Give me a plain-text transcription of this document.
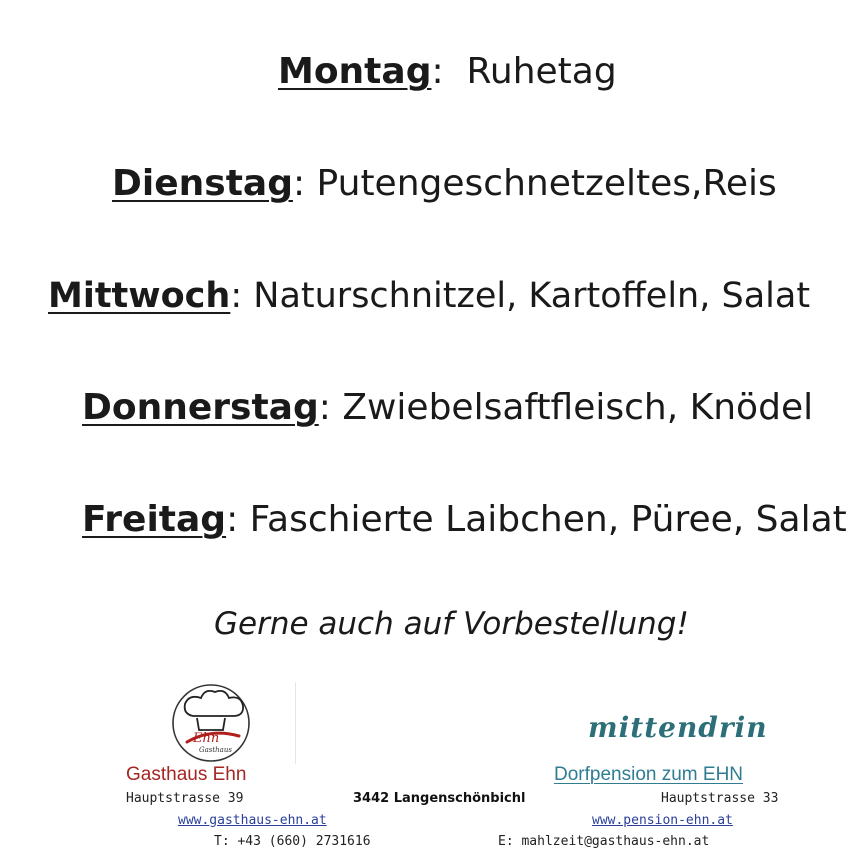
Montag:  Ruhetag
Dienstag: Putengeschnetzeltes,Reis
Mittwoch: Naturschnitzel, Kartoffeln, Salat
Donnerstag: Zwiebelsaftfleisch, Knödel
Freitag: Faschierte Laibchen, Püree, Salat
Gerne auch auf Vorbestellung!
Ehn
Gasthaus
mittendrin
Gasthaus Ehn	Dorfpension zum EHN
Hauptstrasse 39	3442 Langenschönbichl	Hauptstrasse 33
www.gasthaus-ehn.at	www.pension-ehn.at
T: +43 (660) 2731616	E: mahlzeit@gasthaus-ehn.at
